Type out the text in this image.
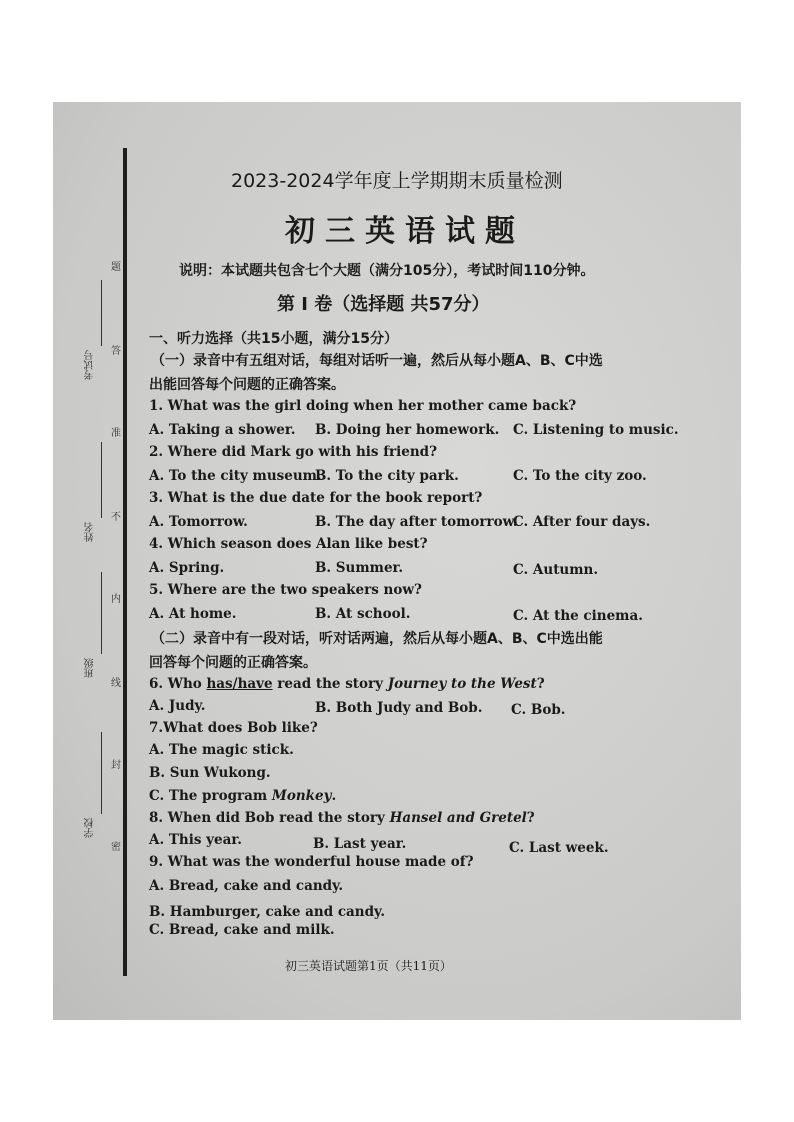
题
答
准
不
内
线
封
密
考试号
姓名
班级
学校

2023-2024学年度上学期期末质量检测
初三英语试题
说明：本试题共包含七个大题（满分105分），考试时间110分钟。
第 I 卷（选择题 共57分）
一、听力选择（共15小题，满分15分）
（一）录音中有五组对话，每组对话听一遍，然后从每小题A、B、C中选
出能回答每个问题的正确答案。
1. What was the girl doing when her mother came back?
A. Taking a shower. B. Doing her homework. C. Listening to music.
2. Where did Mark go with his friend?
A. To the city museum.
B. To the city park.	C. To the city zoo.
3. What is the due date for the book report?
A. Tomorrow.	B. The day after tomorrow.
C. After four days.
4. Which season does Alan like best?
A. Spring.	B. Summer.	C. Autumn.
5. Where are the two speakers now?
A. At home.	B. At school.	C. At the cinema.
（二）录音中有一段对话，听对话两遍，然后从每小题A、B、C中选出能
回答每个问题的正确答案。
6. Who has/have read the story Journey to the West?
A. Judy.	B. Both Judy and Bob. C. Bob.
7.What does Bob like?
A. The magic stick.
B. Sun Wukong.
C. The program Monkey.
8. When did Bob read the story Hansel and Gretel?
A. This year.	B. Last year.	C. Last week.
9. What was the wonderful house made of?
A. Bread, cake and candy.
B. Hamburger, cake and candy.
C. Bread, cake and milk.
初三英语试题第1页（共11页）
